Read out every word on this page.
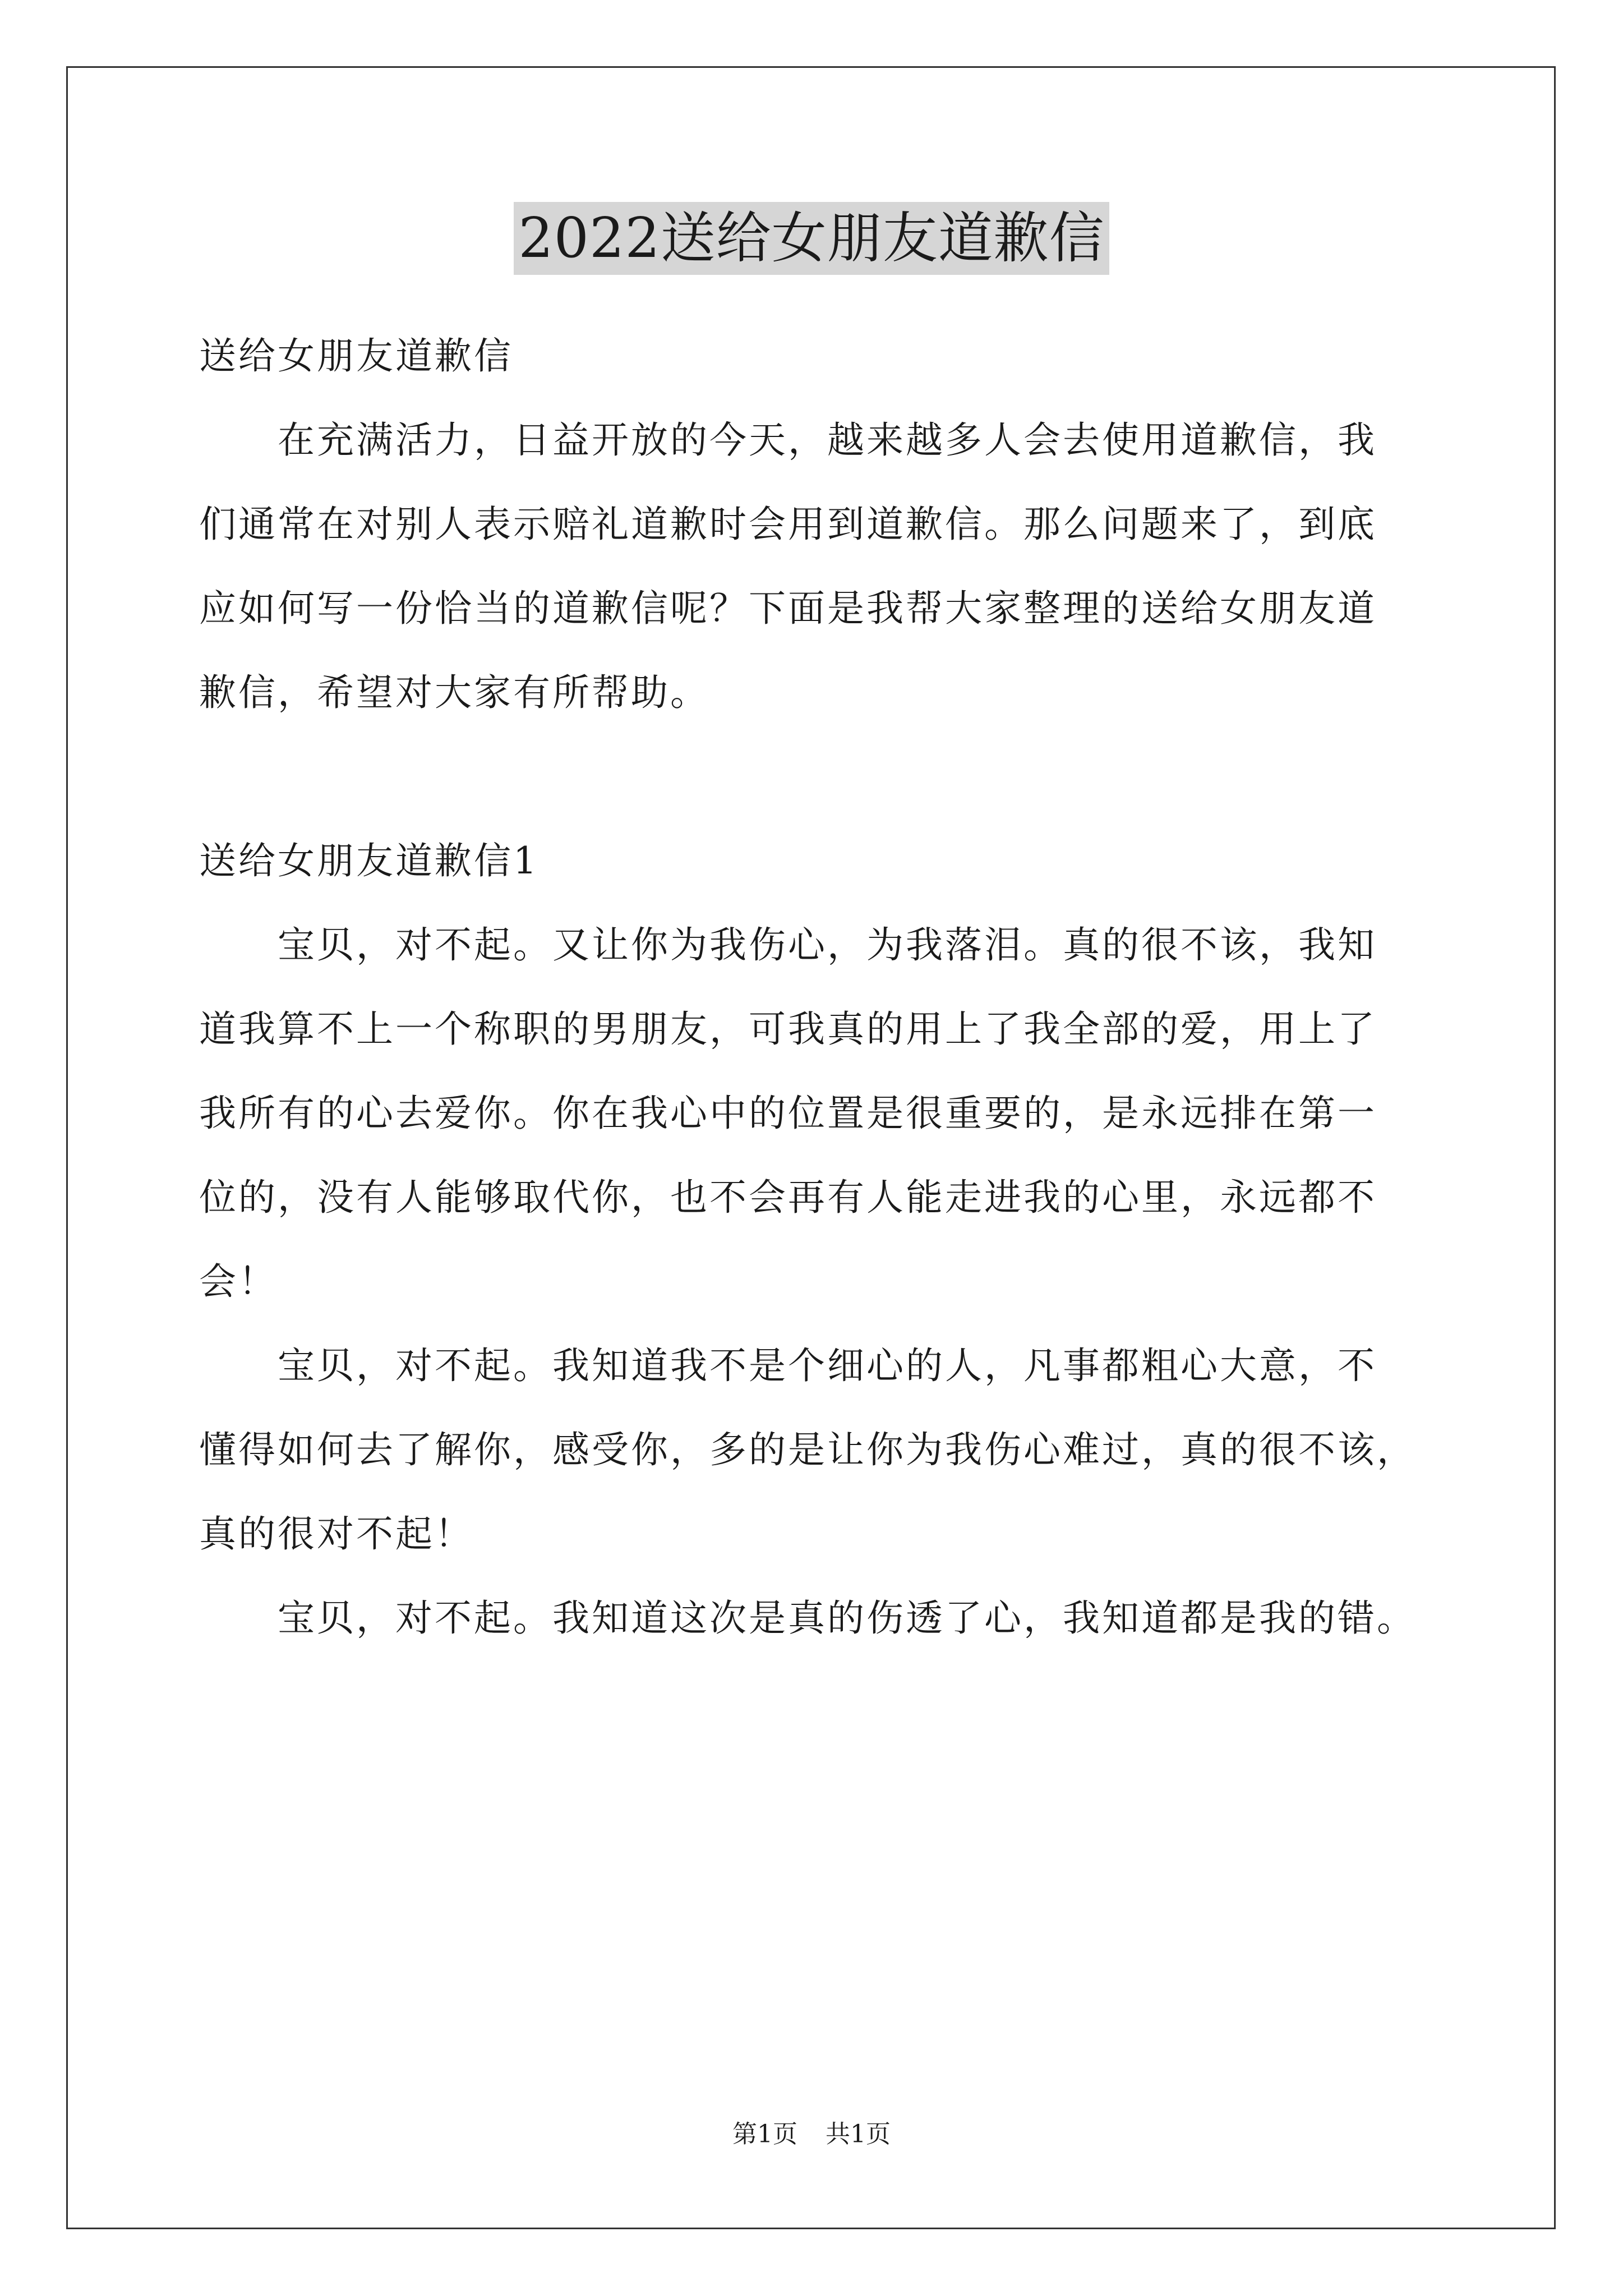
2022送给女朋友道歉信
送给女朋友道歉信
　　在充满活力，日益开放的今天，越来越多人会去使用道歉信，我
们通常在对别人表示赔礼道歉时会用到道歉信。那么问题来了，到底
应如何写一份恰当的道歉信呢？下面是我帮大家整理的送给女朋友道
歉信，希望对大家有所帮助。
送给女朋友道歉信1
　　宝贝，对不起。又让你为我伤心，为我落泪。真的很不该，我知
道我算不上一个称职的男朋友，可我真的用上了我全部的爱，用上了
我所有的心去爱你。你在我心中的位置是很重要的，是永远排在第一
位的，没有人能够取代你，也不会再有人能走进我的心里，永远都不
会！
　　宝贝，对不起。我知道我不是个细心的人，凡事都粗心大意，不
懂得如何去了解你，感受你，多的是让你为我伤心难过，真的很不该，
真的很对不起！
　　宝贝，对不起。我知道这次是真的伤透了心，我知道都是我的错。
第1页 共1页
